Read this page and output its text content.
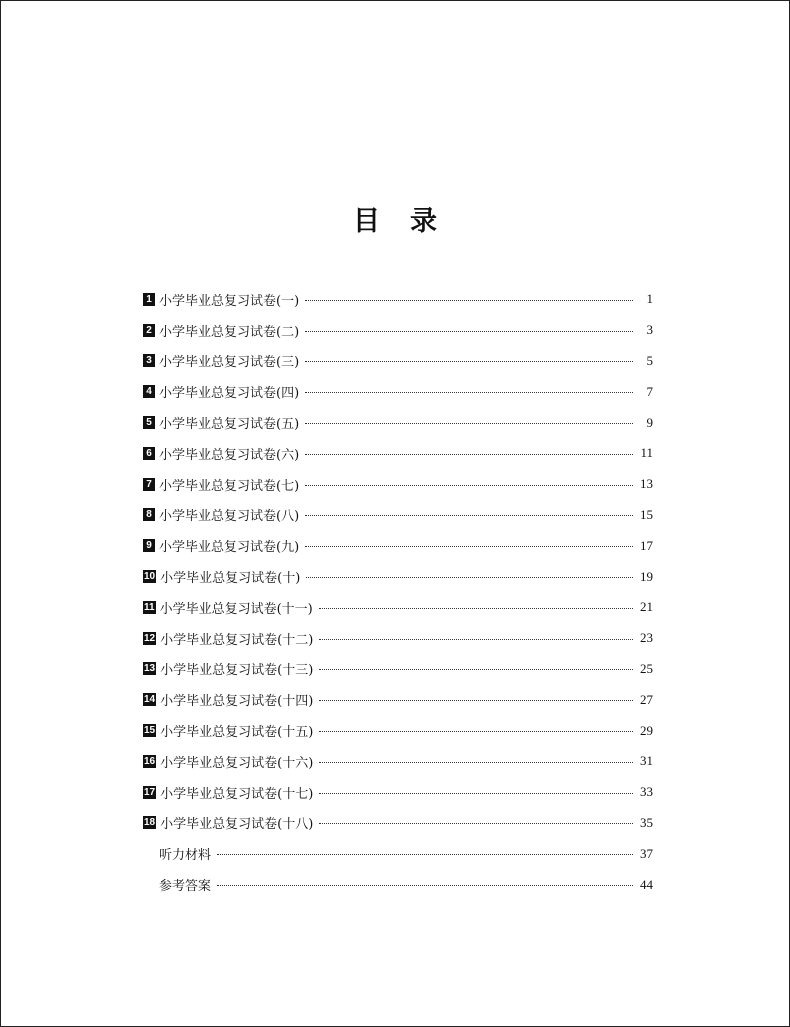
目 录
1 小学毕业总复习试卷(一)	1
2 小学毕业总复习试卷(二)	3
3 小学毕业总复习试卷(三)	5
4 小学毕业总复习试卷(四)	7
5 小学毕业总复习试卷(五)	9
6 小学毕业总复习试卷(六)	11
7 小学毕业总复习试卷(七)	13
8 小学毕业总复习试卷(八)	15
9 小学毕业总复习试卷(九)	17
10 小学毕业总复习试卷(十)	19
11 小学毕业总复习试卷(十一)	21
12 小学毕业总复习试卷(十二)	23
13 小学毕业总复习试卷(十三)	25
14 小学毕业总复习试卷(十四)	27
15 小学毕业总复习试卷(十五)	29
16 小学毕业总复习试卷(十六)	31
17 小学毕业总复习试卷(十七)	33
18 小学毕业总复习试卷(十八)	35
听力材料	37
参考答案	44
